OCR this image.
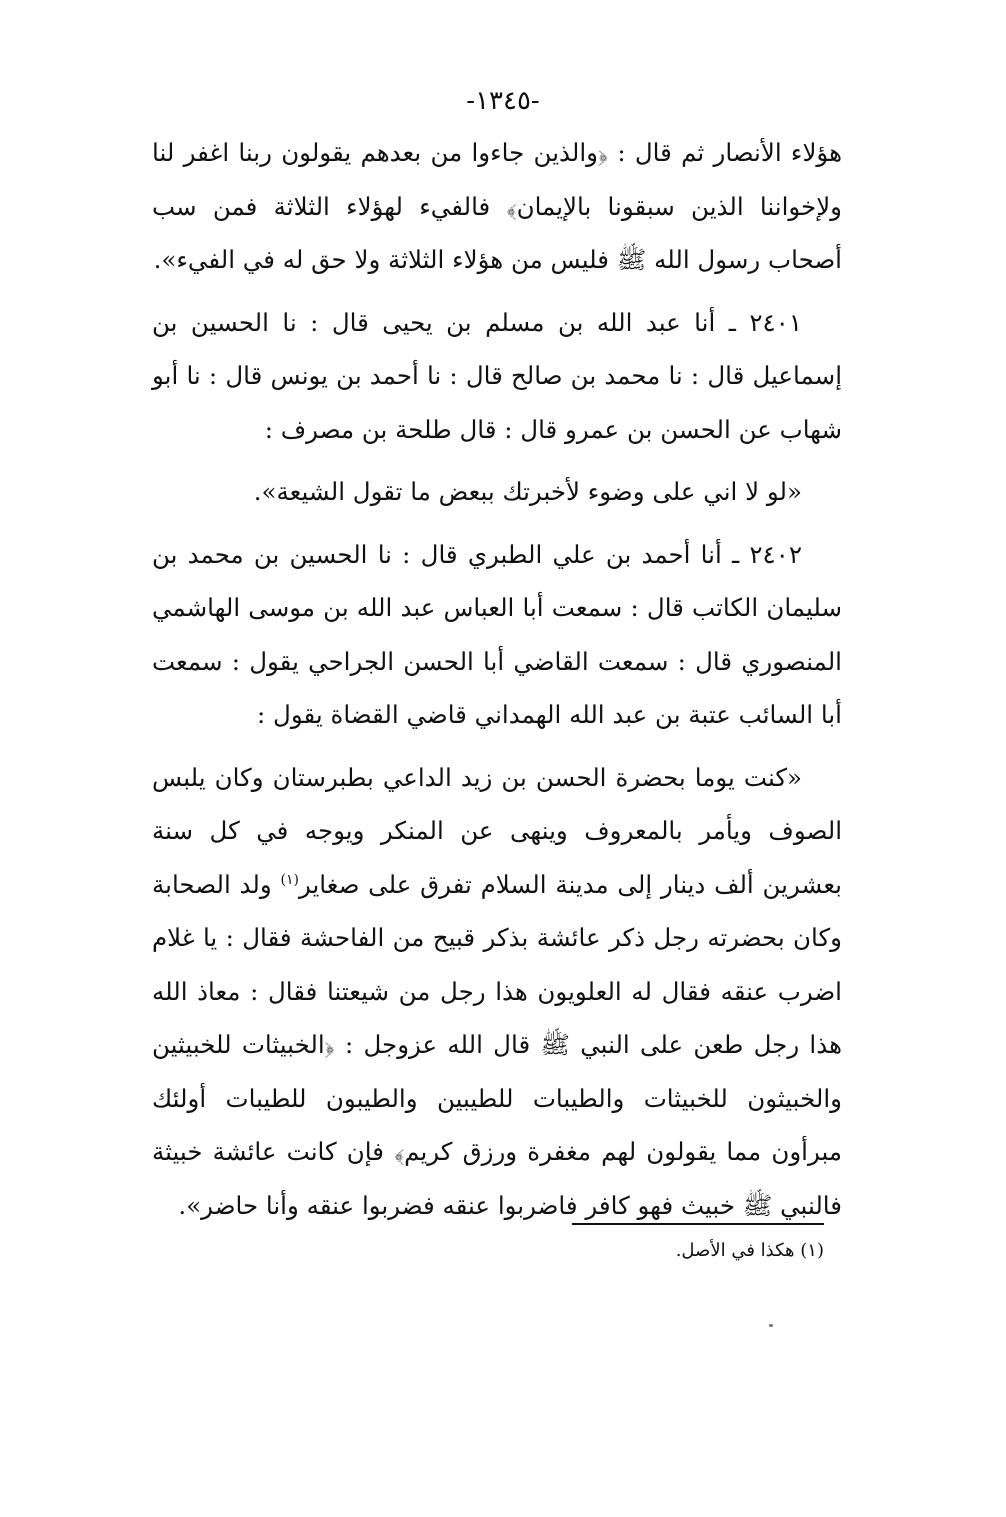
-١٣٤٥-

هؤلاء الأنصار ثم قال : ﴿والذين جاءوا من بعدهم يقولون ربنا اغفر لنا ولإخواننا الذين سبقونا بالإيمان﴾ فالفيء لهؤلاء الثلاثة فمن سب أصحاب رسول الله ﷺ فليس من هؤلاء الثلاثة ولا حق له في الفيء».

٢٤٠١ ـ أنا عبد الله بن مسلم بن يحيى قال : نا الحسين بن إسماعيل قال : نا محمد بن صالح قال : نا أحمد بن يونس قال : نا أبو شهاب عن الحسن بن عمرو قال : قال طلحة بن مصرف :

«لو لا اني على وضوء لأخبرتك ببعض ما تقول الشيعة».

٢٤٠٢ ـ أنا أحمد بن علي الطبري قال : نا الحسين بن محمد بن سليمان الكاتب قال : سمعت أبا العباس عبد الله بن موسى الهاشمي المنصوري قال : سمعت القاضي أبا الحسن الجراحي يقول : سمعت أبا السائب عتبة بن عبد الله الهمداني قاضي القضاة يقول :

«كنت يوما بحضرة الحسن بن زيد الداعي بطبرستان وكان يلبس الصوف ويأمر بالمعروف وينهى عن المنكر ويوجه في كل سنة بعشرين ألف دينار إلى مدينة السلام تفرق على صغاير$^{(١)}$ ولد الصحابة وكان بحضرته رجل ذكر عائشة بذكر قبيح من الفاحشة فقال : يا غلام اضرب عنقه فقال له العلويون هذا رجل من شيعتنا فقال : معاذ الله هذا رجل طعن على النبي ﷺ قال الله عزوجل : ﴿الخبيثات للخبيثين والخبيثون للخبيثات والطيبات للطيبين والطيبون للطيبات أولئك مبرأون مما يقولون لهم مغفرة ورزق كريم﴾ فإن كانت عائشة خبيثة فالنبي ﷺ خبيث فهو كافر فاضربوا عنقه فضربوا عنقه وأنا حاضر».

(١) هكذا في الأصل.
